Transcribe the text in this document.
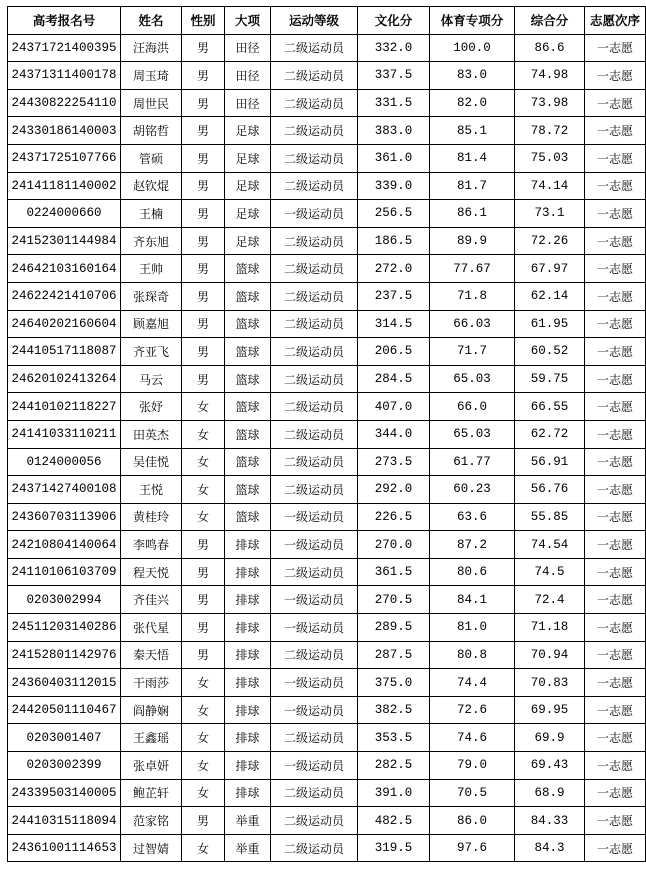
高考报名号	姓名	性别	大项	运动等级	文化分	体育专项分	综合分	志愿次序
24371721400395	汪海洪	男	田径	二级运动员	332.0	100.0	86.6	一志愿
24371311400178	周玉琦	男	田径	二级运动员	337.5	83.0	74.98	一志愿
24430822254110	周世民	男	田径	二级运动员	331.5	82.0	73.98	一志愿
24330186140003	胡铭哲	男	足球	二级运动员	383.0	85.1	78.72	一志愿
24371725107766	管硕	男	足球	二级运动员	361.0	81.4	75.03	一志愿
24141181140002	赵钦焜	男	足球	二级运动员	339.0	81.7	74.14	一志愿
0224000660	王楠	男	足球	一级运动员	256.5	86.1	73.1	一志愿
24152301144984	齐东旭	男	足球	二级运动员	186.5	89.9	72.26	一志愿
24642103160164	王帅	男	篮球	二级运动员	272.0	77.67	67.97	一志愿
24622421410706	张琛奇	男	篮球	二级运动员	237.5	71.8	62.14	一志愿
24640202160604	顾嘉旭	男	篮球	二级运动员	314.5	66.03	61.95	一志愿
24410517118087	齐亚飞	男	篮球	二级运动员	206.5	71.7	60.52	一志愿
24620102413264	马云	男	篮球	二级运动员	284.5	65.03	59.75	一志愿
24410102118227	张妤	女	篮球	二级运动员	407.0	66.0	66.55	一志愿
24141033110211	田英杰	女	篮球	二级运动员	344.0	65.03	62.72	一志愿
0124000056	吴佳悦	女	篮球	二级运动员	273.5	61.77	56.91	一志愿
24371427400108	王悦	女	篮球	二级运动员	292.0	60.23	56.76	一志愿
24360703113906	黄桂玲	女	篮球	一级运动员	226.5	63.6	55.85	一志愿
24210804140064	李鸣春	男	排球	一级运动员	270.0	87.2	74.54	一志愿
24110106103709	程天悦	男	排球	二级运动员	361.5	80.6	74.5	一志愿
0203002994	齐佳兴	男	排球	一级运动员	270.5	84.1	72.4	一志愿
24511203140286	张代星	男	排球	一级运动员	289.5	81.0	71.18	一志愿
24152801142976	秦天悟	男	排球	二级运动员	287.5	80.8	70.94	一志愿
24360403112015	干雨莎	女	排球	一级运动员	375.0	74.4	70.83	一志愿
24420501110467	阎静娴	女	排球	一级运动员	382.5	72.6	69.95	一志愿
0203001407	王鑫瑶	女	排球	二级运动员	353.5	74.6	69.9	一志愿
0203002399	张卓妍	女	排球	一级运动员	282.5	79.0	69.43	一志愿
24339503140005	鲍芷轩	女	排球	二级运动员	391.0	70.5	68.9	一志愿
24410315118094	范家铭	男	举重	二级运动员	482.5	86.0	84.33	一志愿
24361001114653	过智婧	女	举重	二级运动员	319.5	97.6	84.3	一志愿
